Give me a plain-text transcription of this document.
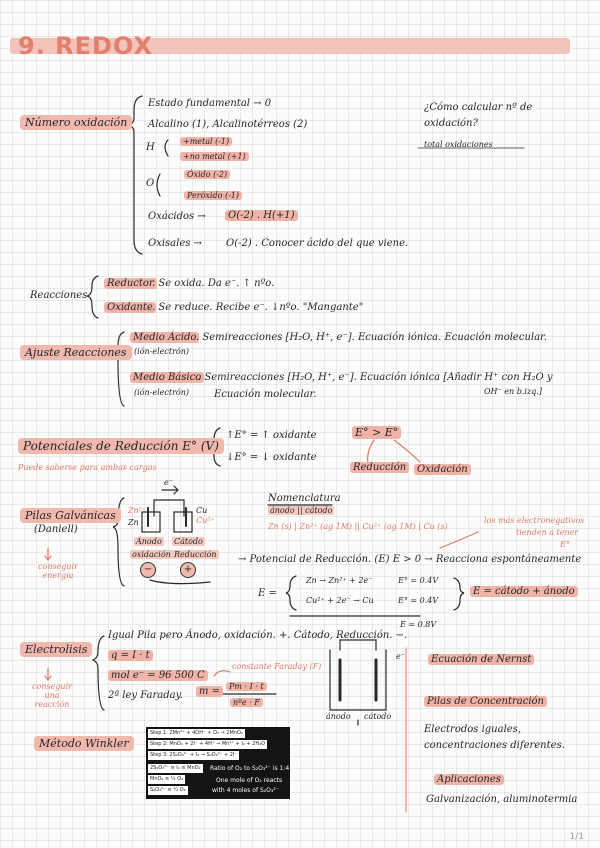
9. REDOX
Número oxidación
Estado fundamental → 0
Alcalino (1), Alcalinotérreos (2)
H
+metal (-1)
+no metal (+1)
O
Óxido (-2)
Peróxido (-1)
Oxácidos →	O(-2) . H(+1)
Oxisales → O(-2) . Conocer ácido del que viene.
¿Cómo calcular nº de oxidación?
total oxidaciones
Reacciones
Reductor
. Se oxida. Da e⁻. ↑ nºo.
Oxidante . Se reduce. Recibe e⁻. ↓nºo. "Mangante"
Ajuste Reacciones
Medio Ácido
(ión-electrón)
. Semireacciones [H₂O, H⁺, e⁻]. Ecuación iónica. Ecuación molecular.
Medio Básico
(ión-electrón)
. Semireacciones [H₂O, H⁺, e⁻]. Ecuación iónica [Añadir H⁺ con H₂O y
Ecuación molecular.	OH⁻ en b.izq.]
Potenciales de Reducción E° (V)
Puede saberse para ambas cargas
↑E° = ↑ oxidante
↓E° = ↓ oxidante
E° > E°
Reducción	Oxidación
Pilas Galvánicas
(Daniell)
conseguir energía
Zn
Zn²⁺	Cu
Cu²⁺
e⁻
Ánodo Cátodo
oxidación Reducción
−	+
Nomenclatura
ánodo || cátodo
Zn (s) | Zn²⁺ (ag 1M) || Cu²⁺ (ag 1M) | Cu (s)
los más electronegativos
tienden a tener
E°
→ Potencial de Reducción. (E) E > 0 → Reacciona espontáneamente
E =
Zn → Zn²⁺ + 2e⁻	E° = 0.4V
Cu²⁺ + 2e⁻ → Cu	E° = 0.4V
E = 0.8V
E = cátodo + ánodo
Electrolisis
conseguir una reacción
Igual Pila pero Ánodo, oxidación. +. Cátodo, Reducción. −.
q = I · t
mol e⁻ = 96 500 C
constante Faraday (F)
2ª ley Faraday.	m =	Pm · I · t
nºe · F
ánodo cátodo
e⁻	Ecuación de Nernst
Pilas de Concentración
Electrodos iguales, concentraciones diferentes.
Aplicaciones
Galvanización, aluminotermia
Método Winkler
Step 1: 2Mn²⁺ + 4OH⁻ + O₂ → 2MnO₂
Step 2: MnO₂ + 2I⁻ + 4H⁺ → Mn²⁺ + I₂ + 2H₂O
Step 3: 2S₂O₃²⁻ + I₂ → S₄O₆²⁻ + 2I⁻
2S₂O₃²⁻ ≡ I₂ ≡ MnO₂
MnO₂ ≡ ½ O₂
S₂O₃²⁻ ≡ ¼ O₂
Ratio of O₂ to S₂O₃²⁻ is 1:4
One mole of O₂ reacts
with 4 moles of S₂O₃²⁻
1/1
